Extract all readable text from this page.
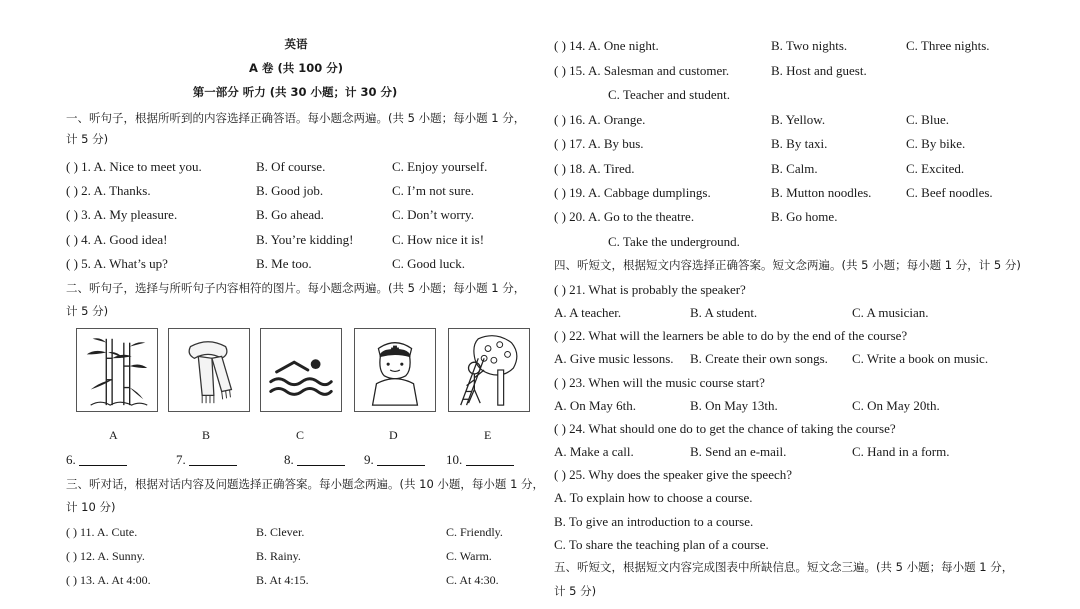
英语
A 卷 (共 100 分)
第一部分 听力 (共 30 小题；计 30 分)
一、听句子，根据所听到的内容选择正确答语。每小题念两遍。(共 5 小题；每小题 1 分，
计 5 分)
( ) 1. A. Nice to meet you.	B. Of course.	C. Enjoy yourself.
( ) 2. A. Thanks.	B. Good job.	C. I’m not sure.
( ) 3. A. My pleasure.	B. Go ahead.	C. Don’t worry.
( ) 4. A. Good idea!	B. You’re kidding!	C. How nice it is!
( ) 5. A. What’s up?	B. Me too.	C. Good luck.
二、听句子，选择与所听句子内容相符的图片。每小题念两遍。(共 5 小题；每小题 1 分，
计 5 分)
A	B	C	D	E
6.	7.	8.	9.	10.
三、听对话，根据对话内容及问题选择正确答案。每小题念两遍。(共 10 小题，每小题 1 分，
计 10 分)
( ) 11. A. Cute.	B. Clever.	C. Friendly.
( ) 12. A. Sunny.	B. Rainy.	C. Warm.
( ) 13. A. At 4:00.	B. At 4:15.	C. At 4:30.
( ) 14. A. One night.	B. Two nights.	C. Three nights.
( ) 15. A. Salesman and customer.	B. Host and guest.
C. Teacher and student.
( ) 16. A. Orange.	B. Yellow.	C. Blue.
( ) 17. A. By bus.	B. By taxi.	C. By bike.
( ) 18. A. Tired.	B. Calm.	C. Excited.
( ) 19. A. Cabbage dumplings.	B. Mutton noodles.	C. Beef noodles.
( ) 20. A. Go to the theatre.	B. Go home.
C. Take the underground.
四、听短文，根据短文内容选择正确答案。短文念两遍。(共 5 小题；每小题 1 分，计 5 分)
( ) 21. What is probably the speaker?
A. A teacher.	B. A student.	C. A musician.
( ) 22. What will the learners be able to do by the end of the course?
A. Give music lessons. B. Create their own songs. C. Write a book on music.
( ) 23. When will the music course start?
A. On May 6th.	B. On May 13th.	C. On May 20th.
( ) 24. What should one do to get the chance of taking the course?
A. Make a call.	B. Send an e-mail.	C. Hand in a form.
( ) 25. Why does the speaker give the speech?
A. To explain how to choose a course.
B. To give an introduction to a course.
C. To share the teaching plan of a course.
五、听短文，根据短文内容完成图表中所缺信息。短文念三遍。(共 5 小题；每小题 1 分，
计 5 分)
